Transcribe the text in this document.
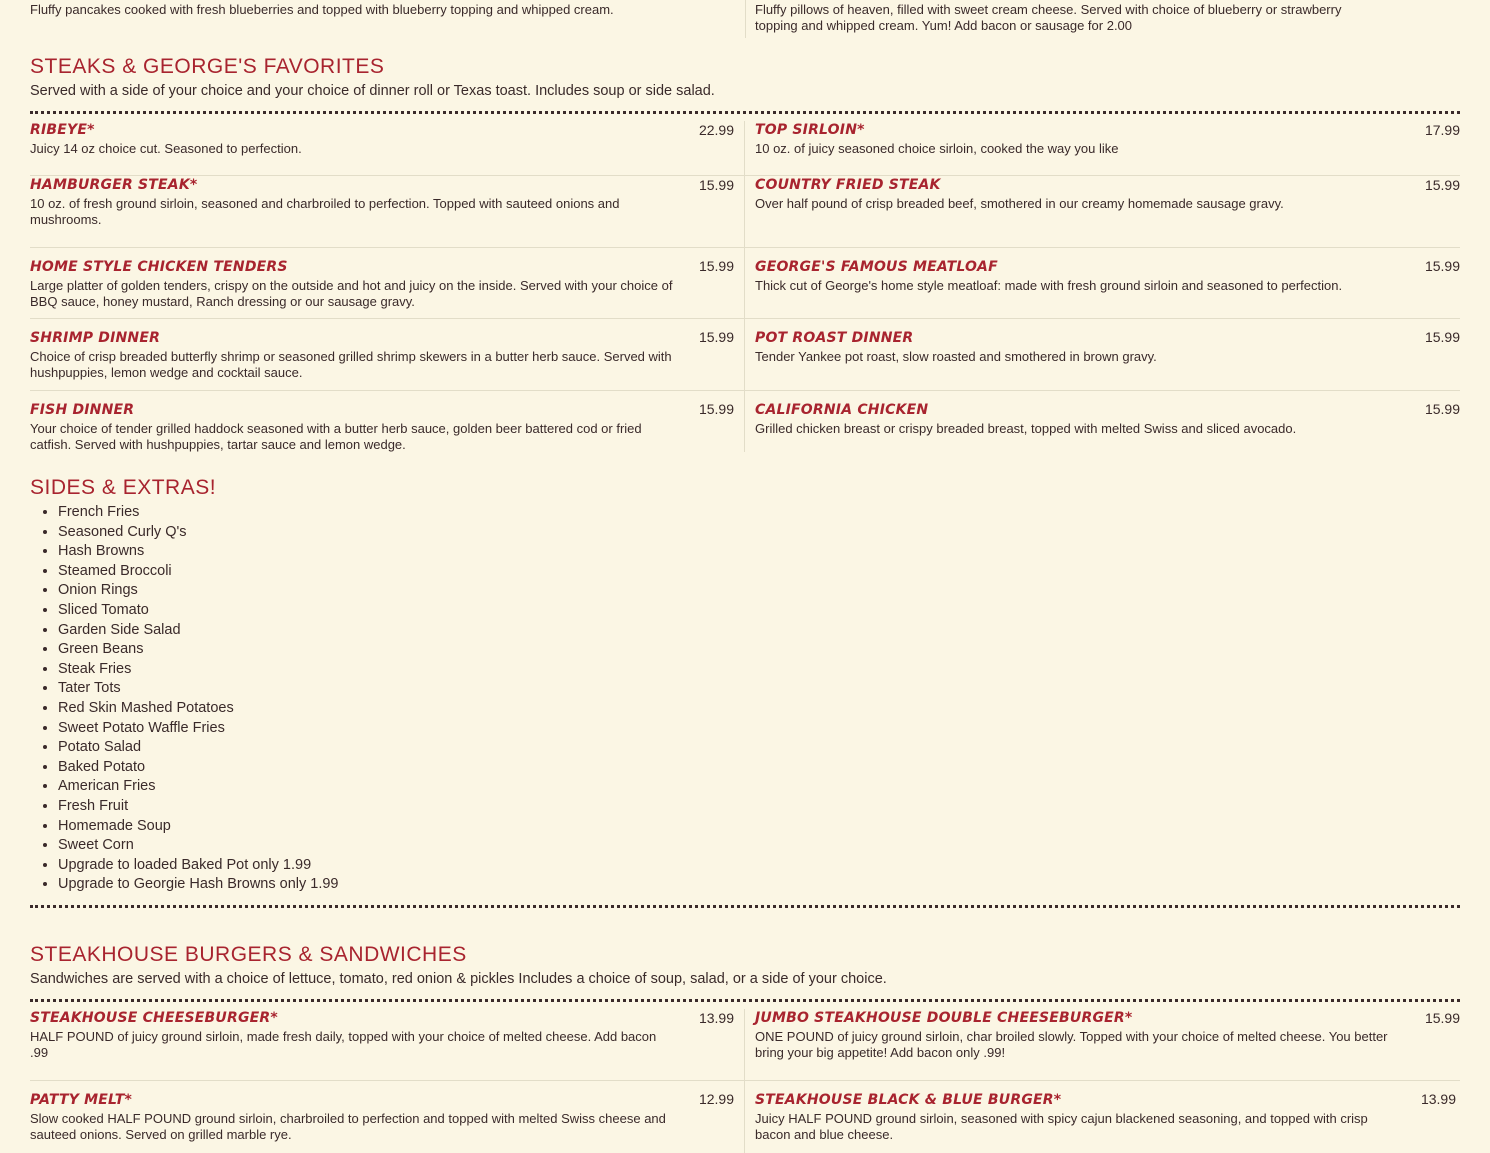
Fluffy pancakes cooked with fresh blueberries and topped with blueberry topping and whipped cream.	Fluffy pillows of heaven, filled with sweet cream cheese. Served with choice of blueberry or strawberry topping and whipped cream. Yum! Add bacon or sausage for 2.00
STEAKS & GEORGE'S FAVORITES

Served with a side of your choice and your choice of dinner roll or Texas toast. Includes soup or side salad.

RIBEYE*	22.99
Juicy 14 oz choice cut. Seasoned to perfection.
TOP SIRLOIN*	17.99
10 oz. of juicy seasoned choice sirloin, cooked the way you like
HAMBURGER STEAK*	15.99
10 oz. of fresh ground sirloin, seasoned and charbroiled to perfection. Topped with sauteed onions and mushrooms.
COUNTRY FRIED STEAK	15.99
Over half pound of crisp breaded beef, smothered in our creamy homemade sausage gravy.
HOME STYLE CHICKEN TENDERS	15.99
Large platter of golden tenders, crispy on the outside and hot and juicy on the inside. Served with your choice of BBQ sauce, honey mustard, Ranch dressing or our sausage gravy.
GEORGE'S FAMOUS MEATLOAF	15.99
Thick cut of George's home style meatloaf: made with fresh ground sirloin and seasoned to perfection.
SHRIMP DINNER	15.99
Choice of crisp breaded butterfly shrimp or seasoned grilled shrimp skewers in a butter herb sauce. Served with hushpuppies, lemon wedge and cocktail sauce.
POT ROAST DINNER	15.99
Tender Yankee pot roast, slow roasted and smothered in brown gravy.
FISH DINNER	15.99
Your choice of tender grilled haddock seasoned with a butter herb sauce, golden beer battered cod or fried catfish. Served with hushpuppies, tartar sauce and lemon wedge.
CALIFORNIA CHICKEN	15.99
Grilled chicken breast or crispy breaded breast, topped with melted Swiss and sliced avocado.
SIDES & EXTRAS!
• French Fries
• Seasoned Curly Q's
• Hash Browns
• Steamed Broccoli
• Onion Rings
• Sliced Tomato
• Garden Side Salad
• Green Beans
• Steak Fries
• Tater Tots
• Red Skin Mashed Potatoes
• Sweet Potato Waffle Fries
• Potato Salad
• Baked Potato
• American Fries
• Fresh Fruit
• Homemade Soup
• Sweet Corn
• Upgrade to loaded Baked Pot only 1.99
• Upgrade to Georgie Hash Browns only 1.99
STEAKHOUSE BURGERS & SANDWICHES

Sandwiches are served with a choice of lettuce, tomato, red onion & pickles Includes a choice of soup, salad, or a side of your choice.

STEAKHOUSE CHEESEBURGER*	13.99
HALF POUND of juicy ground sirloin, made fresh daily, topped with your choice of melted cheese. Add bacon .99
JUMBO STEAKHOUSE DOUBLE CHEESEBURGER*	15.99
ONE POUND of juicy ground sirloin, char broiled slowly. Topped with your choice of melted cheese. You better bring your big appetite! Add bacon only .99!
PATTY MELT*	12.99
Slow cooked HALF POUND ground sirloin, charbroiled to perfection and topped with melted Swiss cheese and sauteed onions. Served on grilled marble rye.
STEAKHOUSE BLACK & BLUE BURGER*	13.99
Juicy HALF POUND ground sirloin, seasoned with spicy cajun blackened seasoning, and topped with crisp bacon and blue cheese.
